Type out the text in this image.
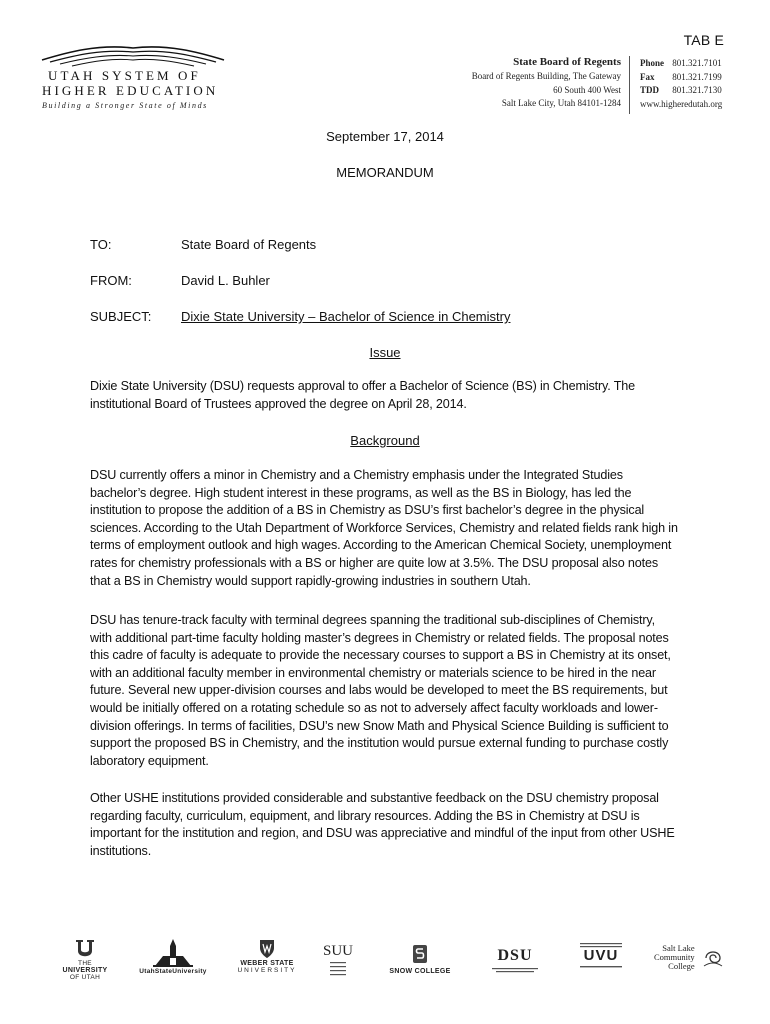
TAB E
UTAH SYSTEM OF
HIGHER EDUCATION
Building a Stronger State of Minds
State Board of Regents
Board of Regents Building, The Gateway
60 South 400 West
Salt Lake City, Utah 84101-1284
Phone 801.321.7101
Fax 801.321.7199
TDD 801.321.7130
www.higheredutah.org
September 17, 2014
MEMORANDUM
TO:	State Board of Regents
FROM:	David L. Buhler
SUBJECT: Dixie State University – Bachelor of Science in Chemistry
Issue
Dixie State University (DSU) requests approval to offer a Bachelor of Science (BS) in Chemistry. The institutional Board of Trustees approved the degree on April 28, 2014.
Background
DSU currently offers a minor in Chemistry and a Chemistry emphasis under the Integrated Studies bachelor’s degree. High student interest in these programs, as well as the BS in Biology, has led the institution to propose the addition of a BS in Chemistry as DSU’s first bachelor’s degree in the physical sciences. According to the Utah Department of Workforce Services, Chemistry and related fields rank high in terms of employment outlook and high wages. According to the American Chemical Society, unemployment rates for chemistry professionals with a BS or higher are quite low at 3.5%. The DSU proposal also notes that a BS in Chemistry would support rapidly-growing industries in southern Utah.
DSU has tenure-track faculty with terminal degrees spanning the traditional sub-disciplines of Chemistry, with additional part-time faculty holding master’s degrees in Chemistry or related fields. The proposal notes this cadre of faculty is adequate to provide the necessary courses to support a BS in Chemistry at its onset, with an additional faculty member in environmental chemistry or materials science to be hired in the near future. Several new upper-division courses and labs would be developed to meet the BS requirements, but would be initially offered on a rotating schedule so as not to adversely affect faculty workloads and lower-division offerings. In terms of facilities, DSU’s new Snow Math and Physical Science Building is sufficient to support the proposed BS in Chemistry, and the institution would pursue external funding to purchase costly laboratory equipment.
Other USHE institutions provided considerable and substantive feedback on the DSU chemistry proposal regarding faculty, curriculum, equipment, and library resources. Adding the BS in Chemistry at DSU is important for the institution and region, and DSU was appreciative and mindful of the input from other USHE institutions.
THE
UNIVERSITY
OF UTAH
UtahStateUniversity
WEBER STATE
UNIVERSITY
SUU
SNOW COLLEGE
DSU	UVU	Salt Lake
Community
College
